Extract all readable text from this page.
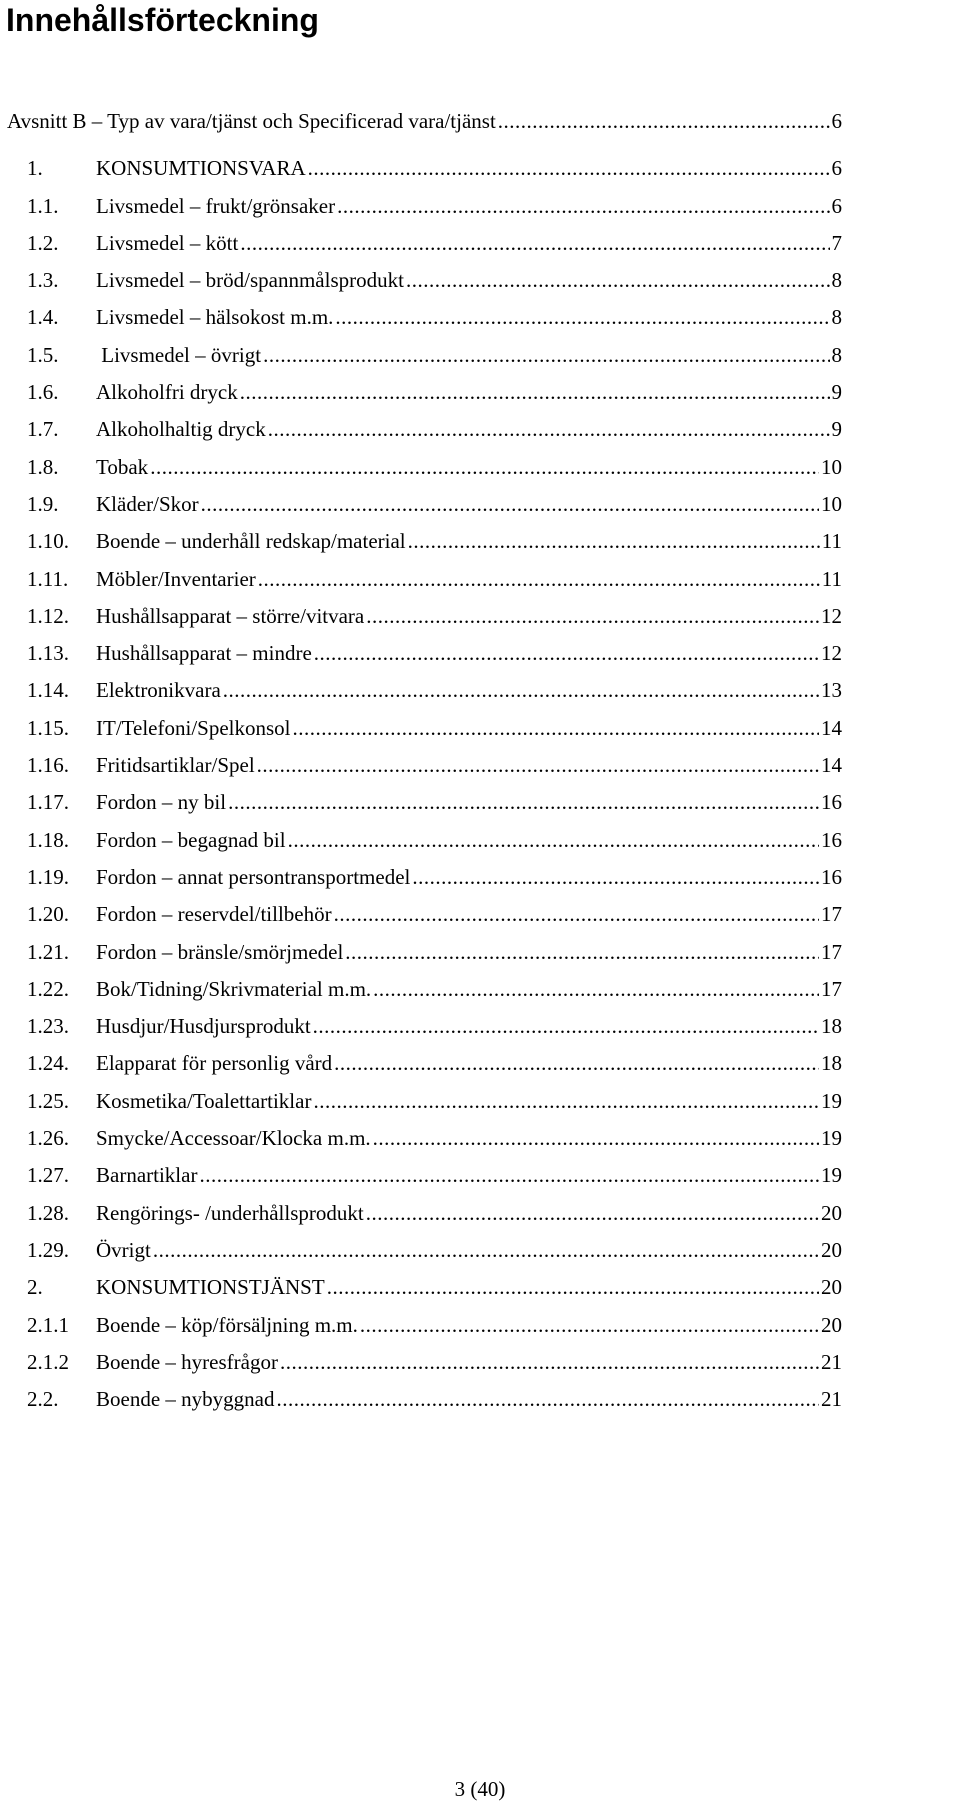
Innehållsförteckning
Avsnitt B – Typ av vara/tjänst och Specificerad vara/tjänst .....	6
1.	KONSUMTIONSVARA .....	6
1.1.	Livsmedel – frukt/grönsaker .....	6
1.2.	Livsmedel – kött .....	7
1.3.	Livsmedel – bröd/spannmålsprodukt .....	8
1.4.	Livsmedel – hälsokost m.m. .....	8
1.5.	Livsmedel – övrigt .....	8
1.6.	Alkoholfri dryck .....	9
1.7.	Alkoholhaltig dryck .....	9
1.8.	Tobak .....	10
1.9.	Kläder/Skor .....	10
1.10.	Boende – underhåll redskap/material .....	11
1.11.	Möbler/Inventarier .....	11
1.12.	Hushållsapparat – större/vitvara .....	12
1.13.	Hushållsapparat – mindre .....	12
1.14.	Elektronikvara .....	13
1.15.	IT/Telefoni/Spelkonsol .....	14
1.16.	Fritidsartiklar/Spel .....	14
1.17.	Fordon – ny bil .....	16
1.18.	Fordon – begagnad bil .....	16
1.19.	Fordon – annat persontransportmedel .....	16
1.20.	Fordon – reservdel/tillbehör .....	17
1.21.	Fordon – bränsle/smörjmedel .....	17
1.22.	Bok/Tidning/Skrivmaterial m.m. .....	17
1.23.	Husdjur/Husdjursprodukt .....	18
1.24.	Elapparat för personlig vård .....	18
1.25.	Kosmetika/Toalettartiklar .....	19
1.26.	Smycke/Accessoar/Klocka m.m. .....	19
1.27.	Barnartiklar .....	19
1.28.	Rengörings- /underhållsprodukt .....	20
1.29.	Övrigt .....	20
2.	KONSUMTIONSTJÄNST .....	20
2.1.1	Boende – köp/försäljning m.m. .....	20
2.1.2	Boende – hyresfrågor .....	21
2.2.	Boende – nybyggnad .....	21
3 (40)
